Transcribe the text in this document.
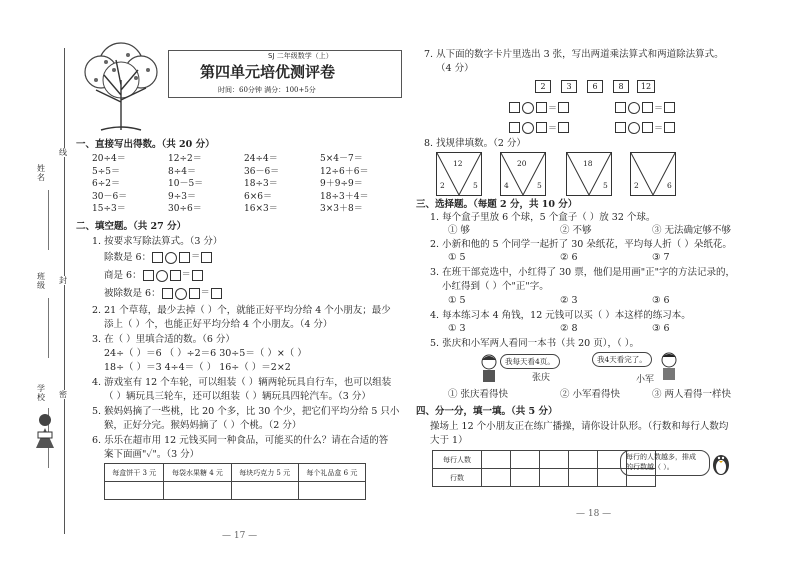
SJ 二年级数学（上）
第四单元培优测评卷
时间：60分钟 满分：100+5分
姓名
线
班级
封
学校 密
一、直接写出得数。（共 20 分）
20÷4＝	12÷2＝	24÷4＝	5×4－7＝
5÷5＝	8÷4＝	36－6＝	12÷6＋6＝
6÷2＝	10－5＝	18÷3＝	9＋9÷9＝
30－6＝	9÷3＝	6×6＝	18÷3＋4＝
15÷3＝	30÷6＝	16×3＝	3×3＋8＝
二、填空题。（共 27 分）
1. 按要求写除法算式。（3 分）
除数是 6：	＝
商是 6：	＝
被除数是 6：	＝
2. 21 个草莓，最少去掉（ ）个，就能正好平均分给 4 个小朋友；最少
添上（ ）个，也能正好平均分给 4 个小朋友。（4 分）
3. 在（ ）里填合适的数。（6 分）
24÷（ ）＝6 （ ）÷2＝6 30÷5＝（ ）×（ ）
18÷（ ）＝3 4÷4＝（ ） 16÷（ ）＝2×2
4. 游戏室有 12 个车轮，可以组装（ ）辆两轮玩具自行车，也可以组装
（ ）辆玩具三轮车，还可以组装（ ）辆玩具四轮汽车。（3 分）
5. 猴妈妈摘了一些桃，比 20 个多，比 30 个少，把它们平均分给 5 只小
猴，正好分完。猴妈妈摘了（ ）个桃。（2 分）
6. 乐乐在超市用 12 元钱买同一种食品，可能买的什么？请在合适的答
案下面画"✓"。（3 分）
每盒饼干 3 元	每袋水果糖 4 元	每块巧克力 5 元	每个礼品盒 6 元

— 17 —
7. 从下面的数字卡片里选出 3 张，写出两道乘法算式和两道除法算式。
（4 分）
2	3	6	8	12
＝	＝
＝	＝
8. 找规律填数。（2 分）
12
2	5
20
4	5
18
5	2	6
三、选择题。（每题 2 分，共 10 分）
1. 每个盒子里放 6 个球，5 个盒子（ ）放 32 个球。
① 够	② 不够	③ 无法确定够不够
2. 小新和他的 5 个同学一起折了 30 朵纸花，平均每人折（ ）朵纸花。
① 5	② 6	③ 7
3. 在班干部竞选中，小红得了 30 票，他们是用画"正"字的方法记录的，
小红得到（ ）个"正"字。
① 5	② 3	③ 6
4. 每本练习本 4 角钱，12 元钱可以买（ ）本这样的练习本。
① 3	② 8	③ 6
5. 张庆和小军两人看同一本书（共 20 页），（ ）。
我每天看4页。
张庆
我4天看完了。
小军
① 张庆看得快	② 小军看得快	③ 两人看得一样快
四、分一分，填一填。（共 5 分）
操场上 12 个小朋友正在练广播操，请你设计队形。（行数和每行人数均
大于 1）
每行人数						
行数						
每行的人数越多，排成
的行数越（ ）。
— 18 —
